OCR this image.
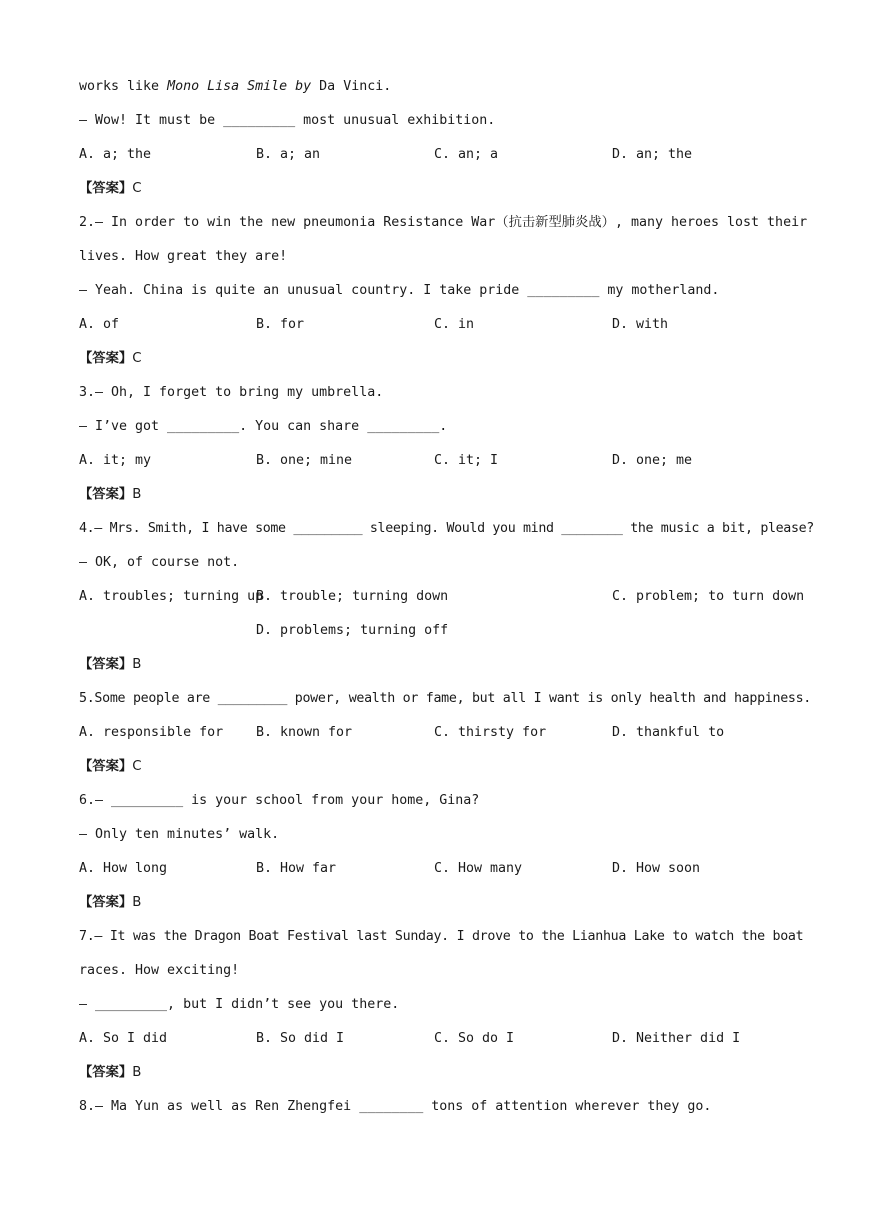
works like Mono Lisa Smile by Da Vinci.
— Wow! It must be _________ most unusual exhibition.

A. a; the

	B. a; an

	C. an; a

	D. an; the

【答案】C
2.— In order to win the new pneumonia Resistance War（抗击新型肺炎战）, many heroes lost their
lives. How great they are!
— Yeah. China is quite an unusual country. I take pride _________ my motherland.

A. of

	B. for

	C. in

	D. with

【答案】C
3.— Oh, I forget to bring my umbrella.
— I’ve got _________. You can share _________.

A. it; my

	B. one; mine

	C. it; I

	D. one; me

【答案】B
4.— Mrs. Smith, I have some _________ sleeping. Would you mind ________ the music a bit, please?
— OK, of course not.

A. troubles; turning up

B. trouble; turning down

	C. problem; to turn down

D. problems; turning off

【答案】B
5.Some people are _________ power, wealth or fame, but all I want is only health and happiness.

A. responsible for

B. known for

	C. thirsty for

	D. thankful to

【答案】C
6.— _________ is your school from your home, Gina?
— Only ten minutes’ walk.

A. How long

	B. How far

	C. How many

	D. How soon

【答案】B
7.— It was the Dragon Boat Festival last Sunday. I drove to the Lianhua Lake to watch the boat
races. How exciting!
— _________, but I didn’t see you there.

A. So I did

	B. So did I

	C. So do I

	D. Neither did I

【答案】B
8.— Ma Yun as well as Ren Zhengfei ________ tons of attention wherever they go.
